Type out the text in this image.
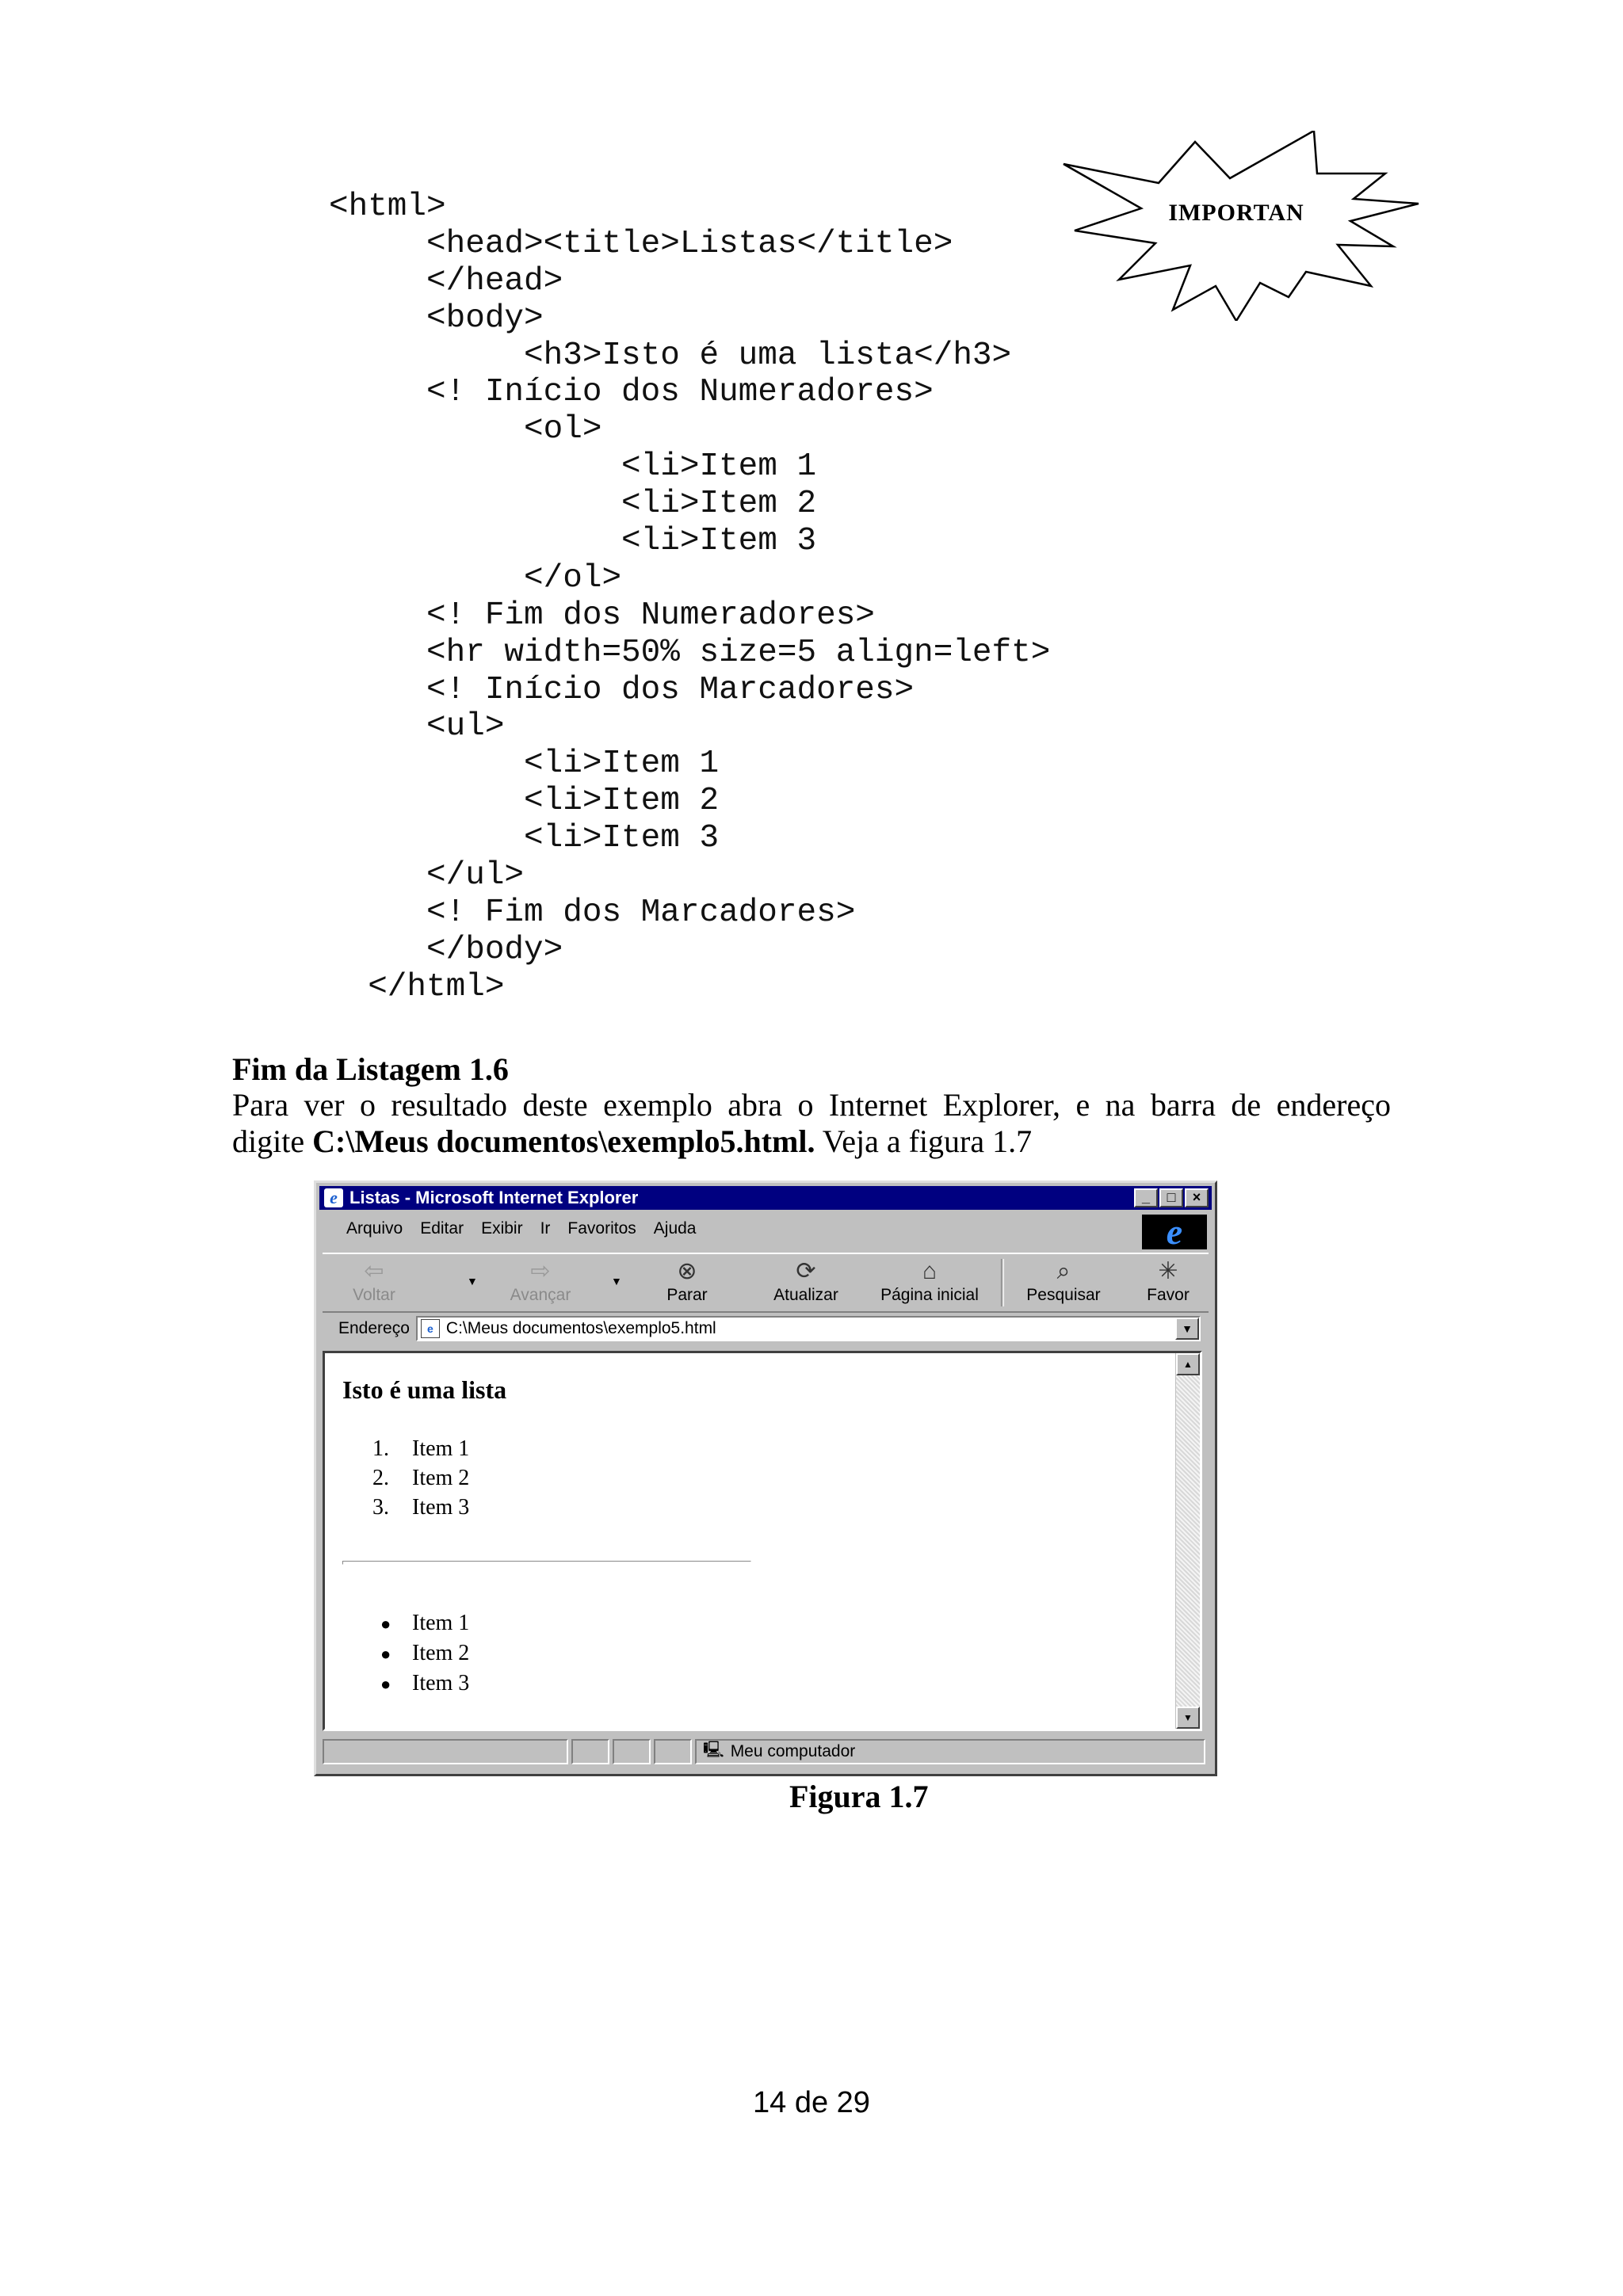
<html>
<head><title>Listas</title>
</head>
<body>
<h3>Isto é uma lista</h3>
<! Início dos Numeradores>
<ol>
<li>Item 1
<li>Item 2
<li>Item 3
</ol>
<! Fim dos Numeradores>
<hr width=50% size=5 align=left>
<! Início dos Marcadores>
<ul>
<li>Item 1
<li>Item 2
<li>Item 3
</ul>
<! Fim dos Marcadores>
</body>
</html>
IMPORTAN
Fim da Listagem 1.6
Para ver o resultado deste exemplo abra o Internet Explorer, e na barra de endereço
digite C:\Meus documentos\exemplo5.html. Veja a figura 1.7
e Listas - Microsoft Internet Explorer	_	□	×
Arquivo Editar Exibir Ir Favoritos Ajuda	e
⇦
Voltar
▼	⇨
Avançar
▼	⊗
Parar
⟳
Atualizar
⌂
Página inicial
⌕
Pesquisar
✳
Favor
Endereço	e C:\Meus documentos\exemplo5.html	▼
Isto é uma lista
1. Item 1
2. Item 2
3. Item 3
● Item 1
● Item 2
● Item 3
▲
▼
🖳 Meu computador
Figura 1.7
14 de 29
